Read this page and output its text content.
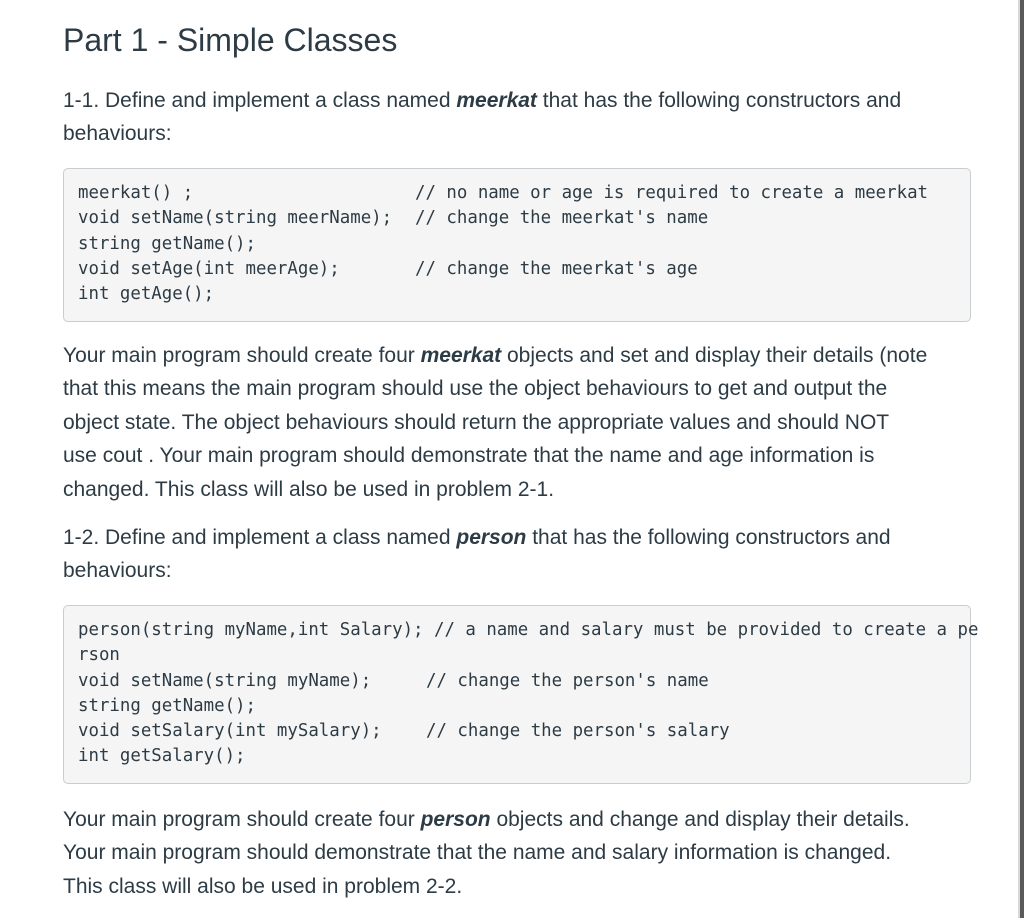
Part 1 - Simple Classes

1-1. Define and implement a class named meerkat that has the following constructors and
behaviours:

meerkat() ;	// no name or age is required to create a meerkat
void setName(string meerName); // change the meerkat's name
string getName();
void setAge(int meerAge);	// change the meerkat's age
int getAge();

Your main program should create four meerkat objects and set and display their details (note
that this means the main program should use the object behaviours to get and output the
object state. The object behaviours should return the appropriate values and should NOT
use cout . Your main program should demonstrate that the name and age information is
changed. This class will also be used in problem 2-1.

1-2. Define and implement a class named person that has the following constructors and
behaviours:

person(string myName,int Salary); // a name and salary must be provided to create a pe
rson
void setName(string myName);	// change the person's name
string getName();
void setSalary(int mySalary);	// change the person's salary
int getSalary();

Your main program should create four person objects and change and display their details.
Your main program should demonstrate that the name and salary information is changed.
This class will also be used in problem 2-2.
